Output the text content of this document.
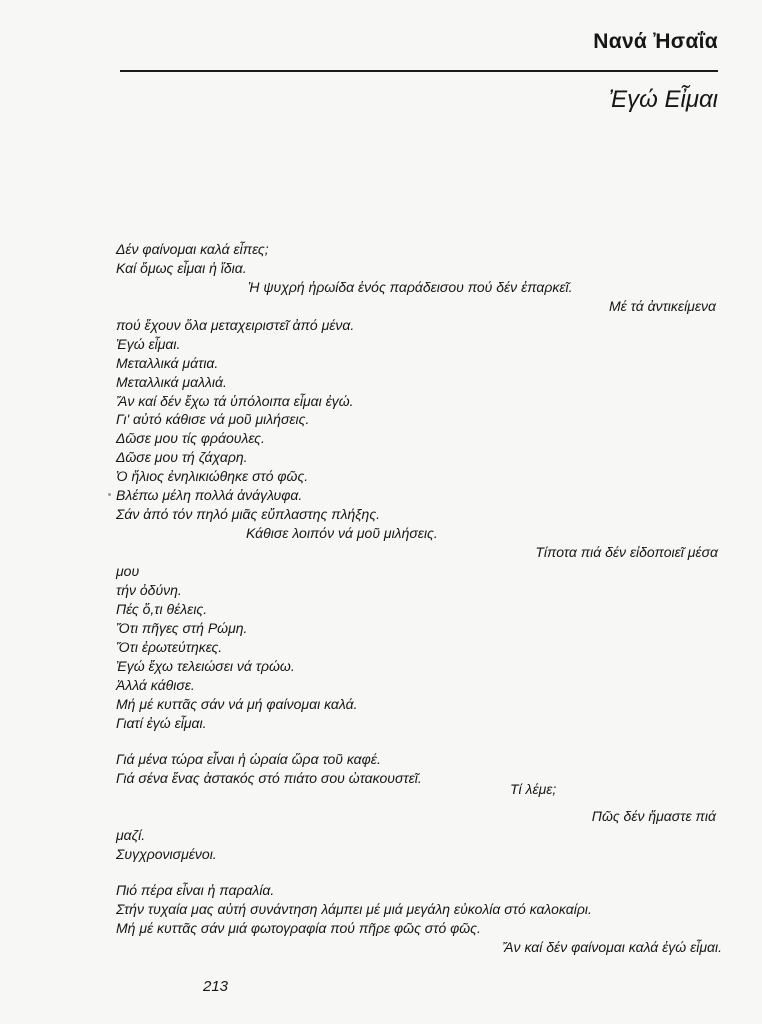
Νανά Ἠσαΐα
Ἐγώ Εἶμαι
Δέν φαίνομαι καλά εἶπες;
Καί ὅμως εἶμαι ἡ ἴδια.
Ἡ ψυχρή ἡρωίδα ἑνός παράδεισου πού δέν ἐπαρκεῖ.
Μέ τά ἀντικείμενα
πού ἔχουν ὅλα μεταχειριστεῖ ἀπό μένα.
Ἐγώ εἶμαι.
Μεταλλικά μάτια.
Μεταλλικά μαλλιά.
Ἄν καί δέν ἔχω τά ὑπόλοιπα εἶμαι ἐγώ.
Γι' αὐτό κάθισε νά μοῦ μιλήσεις.
Δῶσε μου τίς φράουλες.
Δῶσε μου τή ζάχαρη.
Ὁ ἥλιος ἐνηλικιώθηκε στό φῶς.
Βλέπω μέλη πολλά ἀνάγλυφα.
Σάν ἀπό τόν πηλό μιᾶς εὔπλαστης πλήξης.
Κάθισε λοιπόν νά μοῦ μιλήσεις.
Τίποτα πιά δέν εἰδοποιεῖ μέσα
μου
τήν ὀδύνη.
Πές ὅ,τι θέλεις.
Ὅτι πῆγες στή Ρώμη.
Ὅτι ἐρωτεύτηκες.
Ἐγώ ἔχω τελειώσει νά τρώω.
Ἀλλά κάθισε.
Μή μέ κυττᾶς σάν νά μή φαίνομαι καλά.
Γιατί ἐγώ εἶμαι.
Γιά μένα τώρα εἶναι ἡ ὡραία ὥρα τοῦ καφέ.
Γιά σένα ἕνας ἀστακός στό πιάτο σου ὠτακουστεῖ.
Τί λέμε;
Πῶς δέν ἤμαστε πιά
μαζί.
Συγχρονισμένοι.
Πιό πέρα εἶναι ἡ παραλία.
Στήν τυχαία μας αὐτή συνάντηση λάμπει μέ μιά μεγάλη εὐκολία στό καλοκαίρι.
Μή μέ κυττᾶς σάν μιά φωτογραφία πού πῆρε φῶς στό φῶς.
Ἄν καί δέν φαίνομαι καλά ἐγώ εἶμαι.
213
